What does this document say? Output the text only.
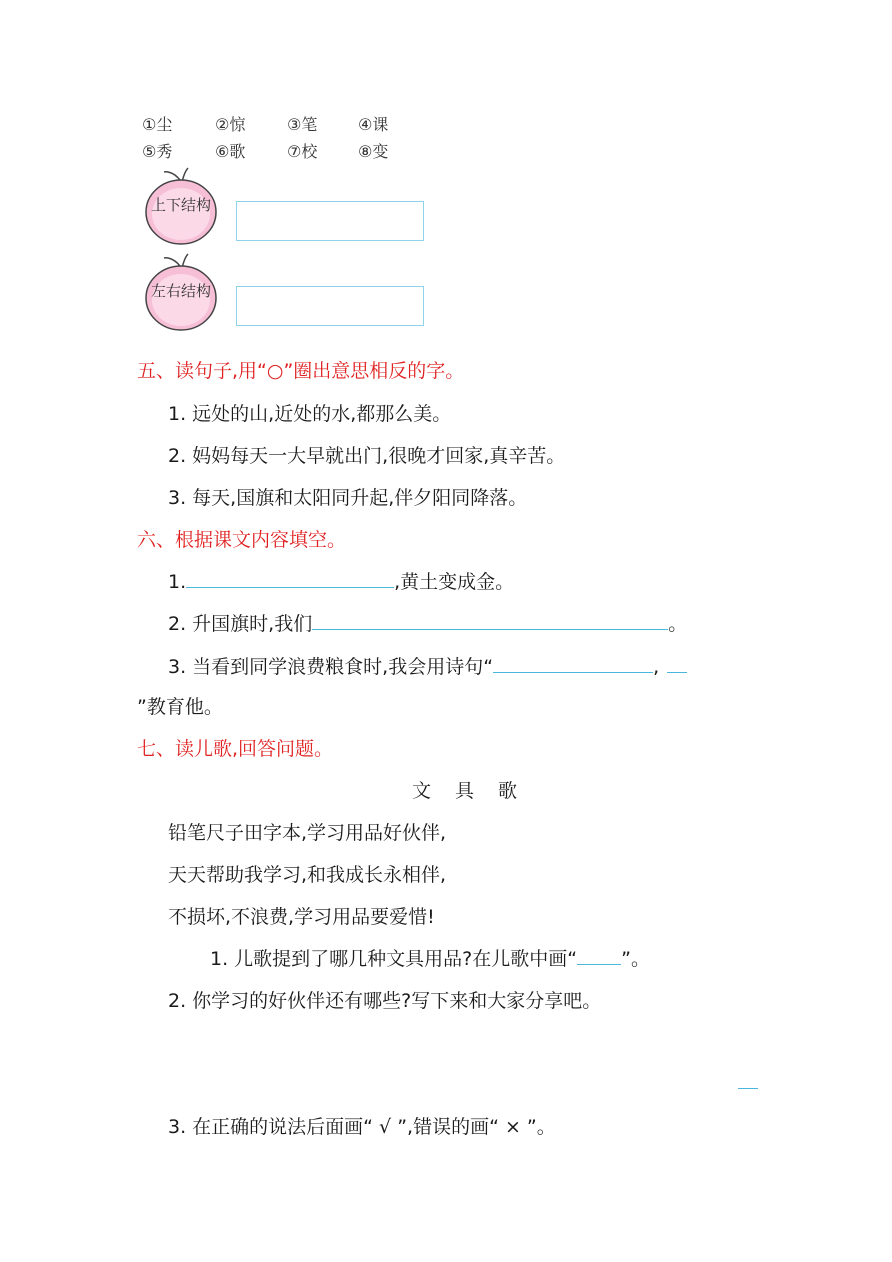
①尘	②惊	③笔	④课
⑤秀	⑥歌	⑦校	⑧变
上下结构
左右结构
五、读句子,用“○”圈出意思相反的字。
1. 远处的山,近处的水,都那么美。
2. 妈妈每天一大早就出门,很晚才回家,真辛苦。
3. 每天,国旗和太阳同升起,伴夕阳同降落。
六、根据课文内容填空。
1.	,黄土变成金。
2. 升国旗时,我们	。
3. 当看到同学浪费粮食时,我会用诗句“	,
”教育他。
七、读儿歌,回答问题。
文具歌
铅笔尺子田字本,学习用品好伙伴,
天天帮助我学习,和我成长永相伴,
不损坏,不浪费,学习用品要爱惜!
1. 儿歌提到了哪几种文具用品?在儿歌中画“ ”。
2. 你学习的好伙伴还有哪些?写下来和大家分享吧。
3. 在正确的说法后面画“ √ ”,错误的画“ × ”。
